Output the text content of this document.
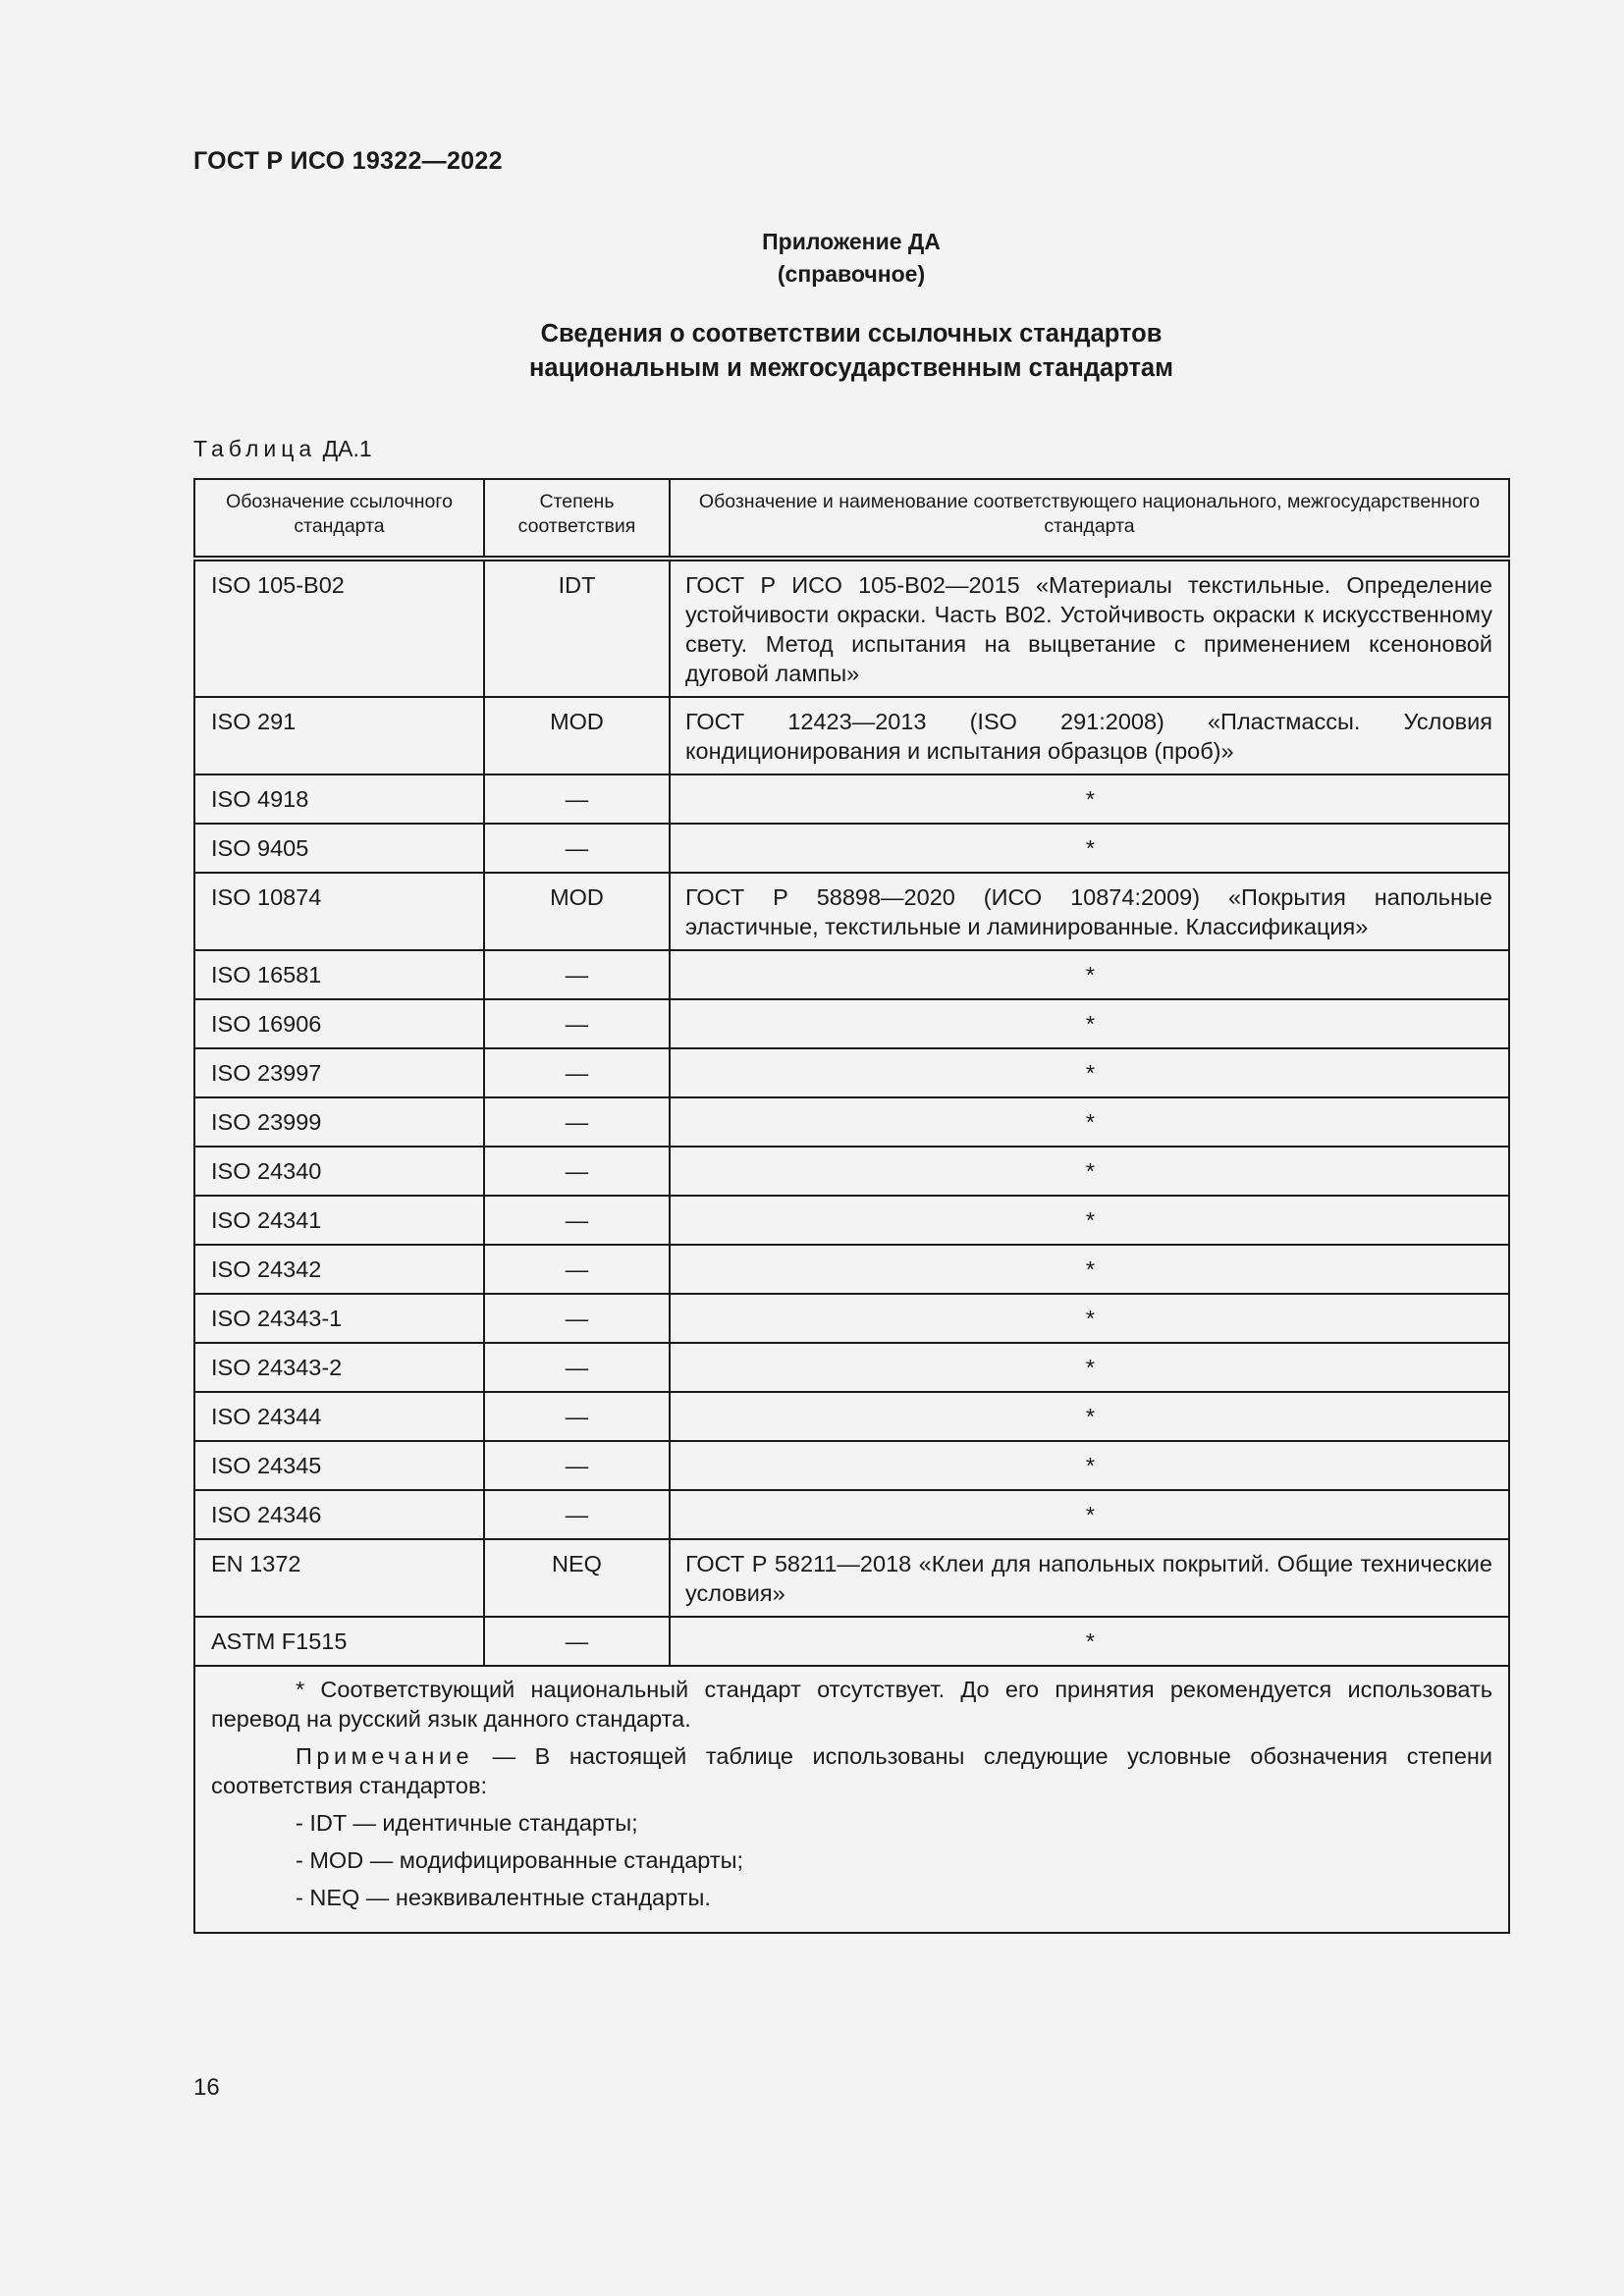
ГОСТ Р ИСО 19322—2022
Приложение ДА
(справочное)
Сведения о соответствии ссылочных стандартов
национальным и межгосударственным стандартам
Таблица ДА.1
Обозначение ссылочного стандарта	Степень соответствия	Обозначение и наименование соответствующего национального, межгосударственного стандарта
ISO 105-B02	IDT	ГОСТ Р ИСО 105-В02—2015 «Материалы текстильные. Определение устойчивости окраски. Часть В02. Устойчивость окраски к искусственному свету. Метод испытания на выцветание с применением ксеноновой дуговой лампы»
ISO 291	MOD	ГОСТ 12423—2013 (ISO 291:2008) «Пластмассы. Условия кондиционирования и испытания образцов (проб)»
ISO 4918	—	*
ISO 9405	—	*
ISO 10874	MOD	ГОСТ Р 58898—2020 (ИСО 10874:2009) «Покрытия напольные эластичные, текстильные и ламинированные. Классификация»
ISO 16581	—	*
ISO 16906	—	*
ISO 23997	—	*
ISO 23999	—	*
ISO 24340	—	*
ISO 24341	—	*
ISO 24342	—	*
ISO 24343-1	—	*
ISO 24343-2	—	*
ISO 24344	—	*
ISO 24345	—	*
ISO 24346	—	*
EN 1372	NEQ	ГОСТ Р 58211—2018 «Клеи для напольных покрытий. Общие технические условия»
ASTM F1515	—	*

* Соответствующий национальный стандарт отсутствует. До его принятия рекомендуется использовать перевод на русский язык данного стандарта.

Примечание — В настоящей таблице использованы следующие условные обозначения степени соответствия стандартов:

- IDT — идентичные стандарты;
- MOD — модифицированные стандарты;
- NEQ — неэквивалентные стандарты.		
16
